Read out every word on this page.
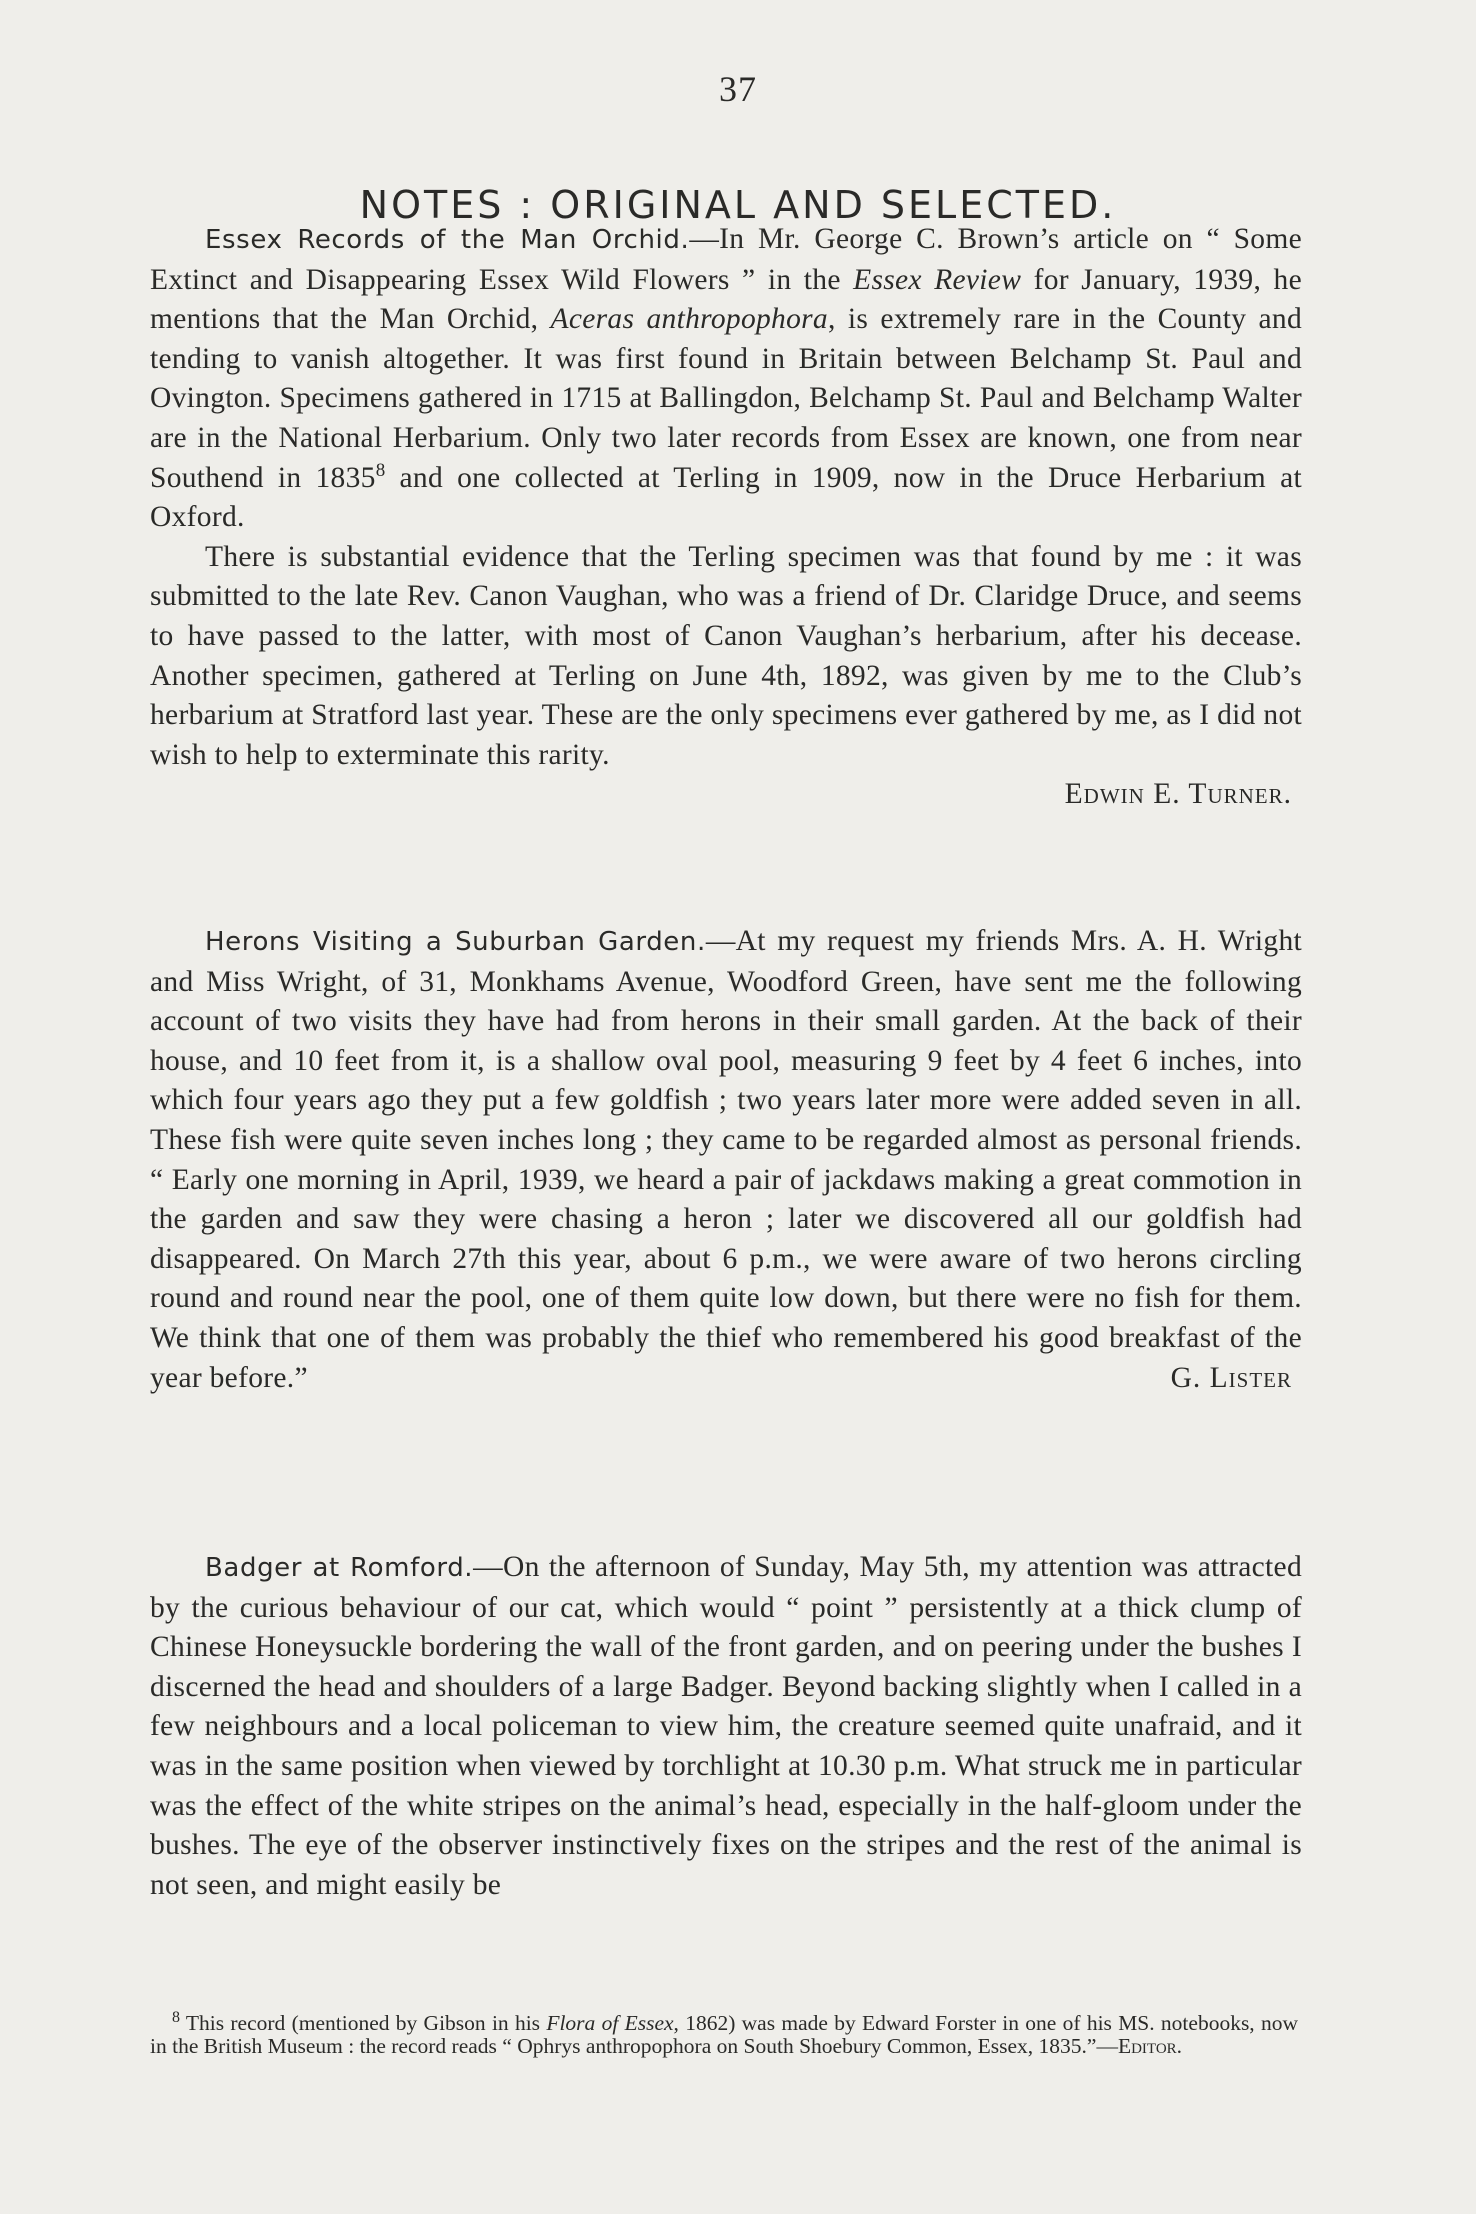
37
NOTES : ORIGINAL AND SELECTED.

Essex Records of the Man Orchid.—In Mr. George C. Brown’s article on “ Some Extinct and Disappearing Essex Wild Flowers ” in the Essex Review for January, 1939, he mentions that the Man Orchid, Aceras anthropophora, is extremely rare in the County and tending to vanish altogether. It was first found in Britain between Belchamp St. Paul and Ovington. Specimens gathered in 1715 at Ballingdon, Belchamp St. Paul and Belchamp Walter are in the National Herbarium. Only two later records from Essex are known, one from near Southend in 1835$^8$ and one collected at Terling in 1909, now in the Druce Herbarium at Oxford.

There is substantial evidence that the Terling specimen was that found by me : it was submitted to the late Rev. Canon Vaughan, who was a friend of Dr. Claridge Druce, and seems to have passed to the latter, with most of Canon Vaughan’s herbarium, after his decease. Another specimen, gathered at Terling on June 4th, 1892, was given by me to the Club’s herbarium at Stratford last year. These are the only specimens ever gathered by me, as I did not wish to help to exterminate this rarity.

Edwin E. Turner.

Herons Visiting a Suburban Garden.—At my request my friends Mrs. A. H. Wright and Miss Wright, of 31, Monkhams Avenue, Woodford Green, have sent me the following account of two visits they have had from herons in their small garden. At the back of their house, and 10 feet from it, is a shallow oval pool, measuring 9 feet by 4 feet 6 inches, into which four years ago they put a few goldfish ; two years later more were added seven in all. These fish were quite seven inches long ; they came to be regarded almost as personal friends. “ Early one morning in April, 1939, we heard a pair of jackdaws making a great commotion in the garden and saw they were chasing a heron ; later we discovered all our goldfish had disappeared. On March 27th this year, about 6 p.m., we were aware of two herons circling round and round near the pool, one of them quite low down, but there were no fish for them. We think that one of them was probably the thief who remembered his good breakfast of the year before.”	G. Lister

Badger at Romford.—On the afternoon of Sunday, May 5th, my attention was attracted by the curious behaviour of our cat, which would “ point ” persistently at a thick clump of Chinese Honeysuckle bordering the wall of the front garden, and on peering under the bushes I discerned the head and shoulders of a large Badger. Beyond backing slightly when I called in a few neighbours and a local policeman to view him, the creature seemed quite unafraid, and it was in the same position when viewed by torchlight at 10.30 p.m. What struck me in particular was the effect of the white stripes on the animal’s head, especially in the half-gloom under the bushes. The eye of the observer instinctively fixes on the stripes and the rest of the animal is not seen, and might easily be

$^8$ This record (mentioned by Gibson in his Flora of Essex, 1862) was made by Edward Forster in one of his MS. notebooks, now in the British Museum : the record reads “ Ophrys anthropophora on South Shoebury Common, Essex, 1835.”—Editor.
